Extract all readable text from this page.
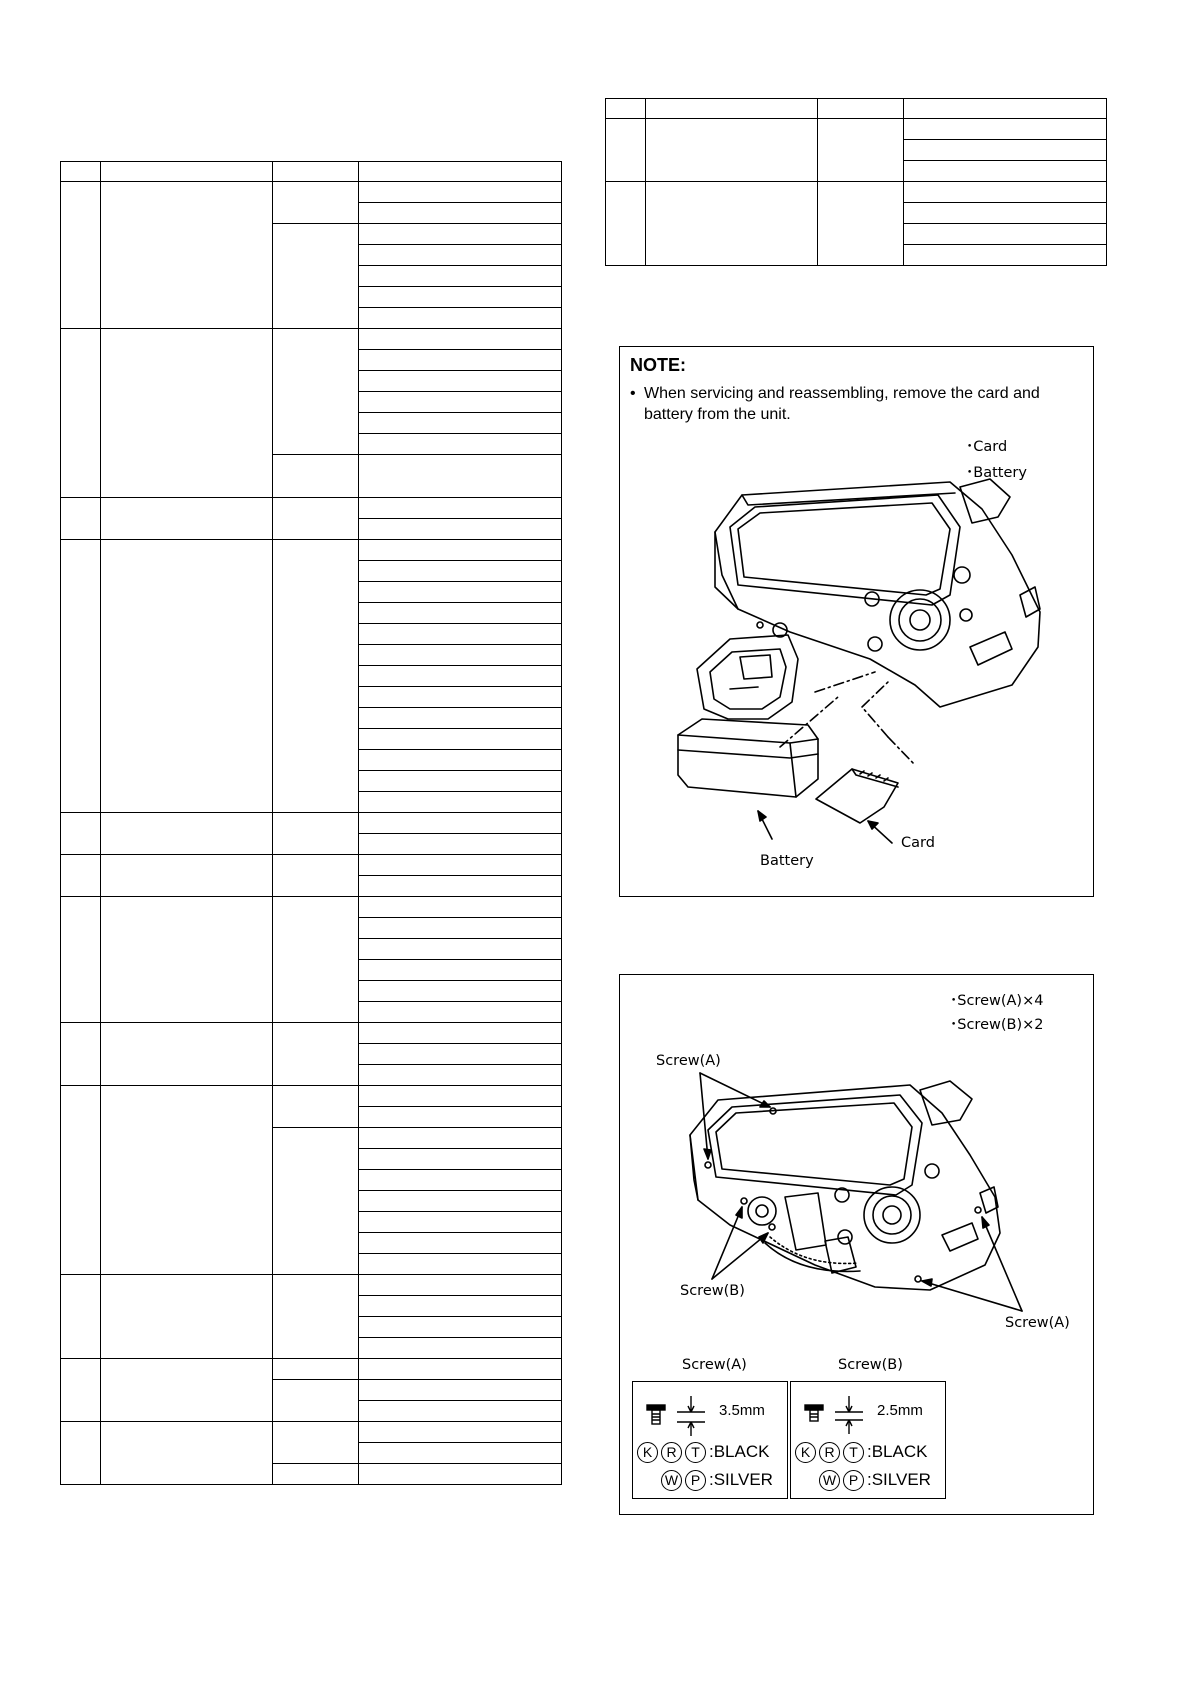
NOTE:
• When servicing and reassembling, remove the card and
battery from the unit.
･Card
･Battery
Card
Battery
･Screw(A)×4
･Screw(B)×2
Screw(A)
Screw(B)
Screw(A)
Screw(A)
3.5mm
K R T :BLACK
W P :SILVER
Screw(B)
2.5mm
K R T :BLACK
W P :SILVER
